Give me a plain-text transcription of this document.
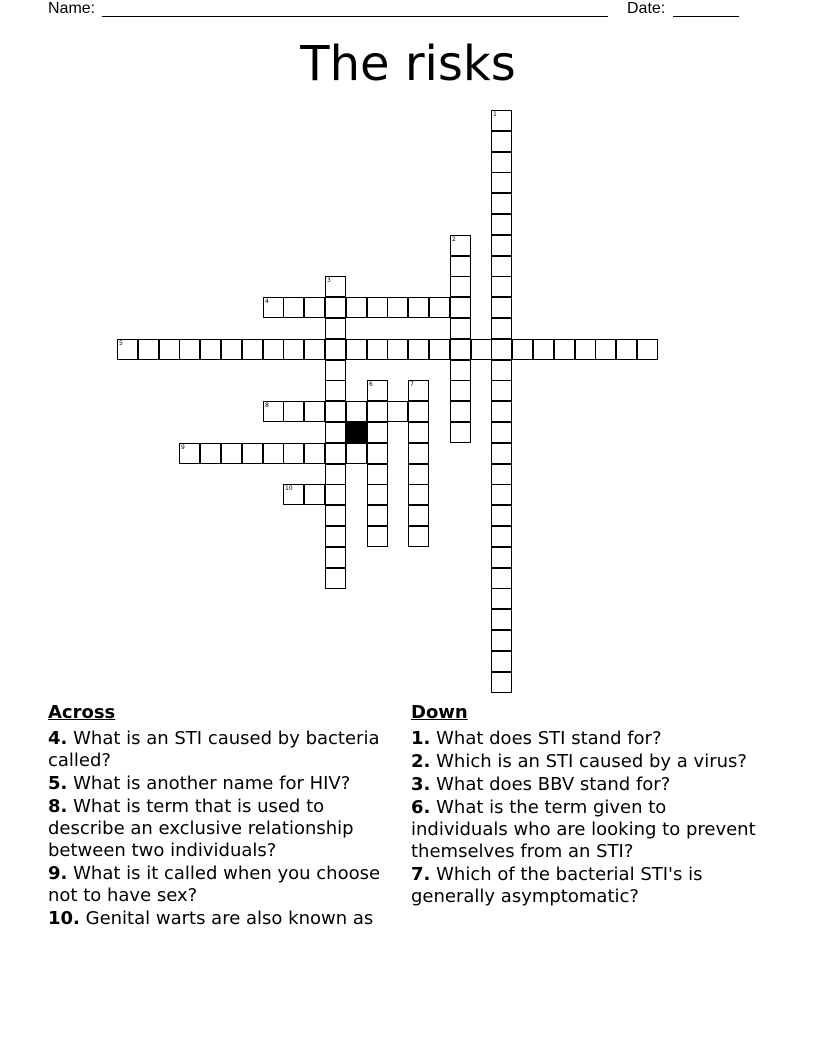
Name:	Date:
The risks
1
2
3
4
5
6	7
8
9
10
Across
4. What is an STI caused by bacteria called?
5. What is another name for HIV?
8. What is term that is used to describe an exclusive relationship between two individuals?
9. What is it called when you choose not to have sex?
10. Genital warts are also known as
Down
1. What does STI stand for?
2. Which is an STI caused by a virus?
3. What does BBV stand for?
6. What is the term given to individuals who are looking to prevent themselves from an STI?
7. Which of the bacterial STI's is generally asymptomatic?
